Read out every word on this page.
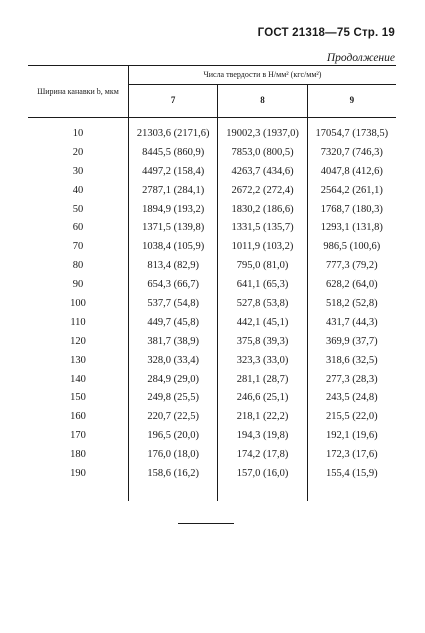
ГОСТ 21318—75 Стр. 19
Продолжение
Ширина канавки b, мкм	Числа твердости в Н/мм² (кгс/мм²)		
	7	8	9
10	21303,6 (2171,6)	19002,3 (1937,0)	17054,7 (1738,5)
20	8445,5 (860,9)	7853,0 (800,5)	7320,7 (746,3)
30	4497,2 (158,4)	4263,7 (434,6)	4047,8 (412,6)
40	2787,1 (284,1)	2672,2 (272,4)	2564,2 (261,1)
50	1894,9 (193,2)	1830,2 (186,6)	1768,7 (180,3)
60	1371,5 (139,8)	1331,5 (135,7)	1293,1 (131,8)
70	1038,4 (105,9)	1011,9 (103,2)	986,5 (100,6)
80	813,4 (82,9)	795,0 (81,0)	777,3 (79,2)
90	654,3 (66,7)	641,1 (65,3)	628,2 (64,0)
100	537,7 (54,8)	527,8 (53,8)	518,2 (52,8)
110	449,7 (45,8)	442,1 (45,1)	431,7 (44,3)
120	381,7 (38,9)	375,8 (39,3)	369,9 (37,7)
130	328,0 (33,4)	323,3 (33,0)	318,6 (32,5)
140	284,9 (29,0)	281,1 (28,7)	277,3 (28,3)
150	249,8 (25,5)	246,6 (25,1)	243,5 (24,8)
160	220,7 (22,5)	218,1 (22,2)	215,5 (22,0)
170	196,5 (20,0)	194,3 (19,8)	192,1 (19,6)
180	176,0 (18,0)	174,2 (17,8)	172,3 (17,6)
190	158,6 (16,2)	157,0 (16,0)	155,4 (15,9)
